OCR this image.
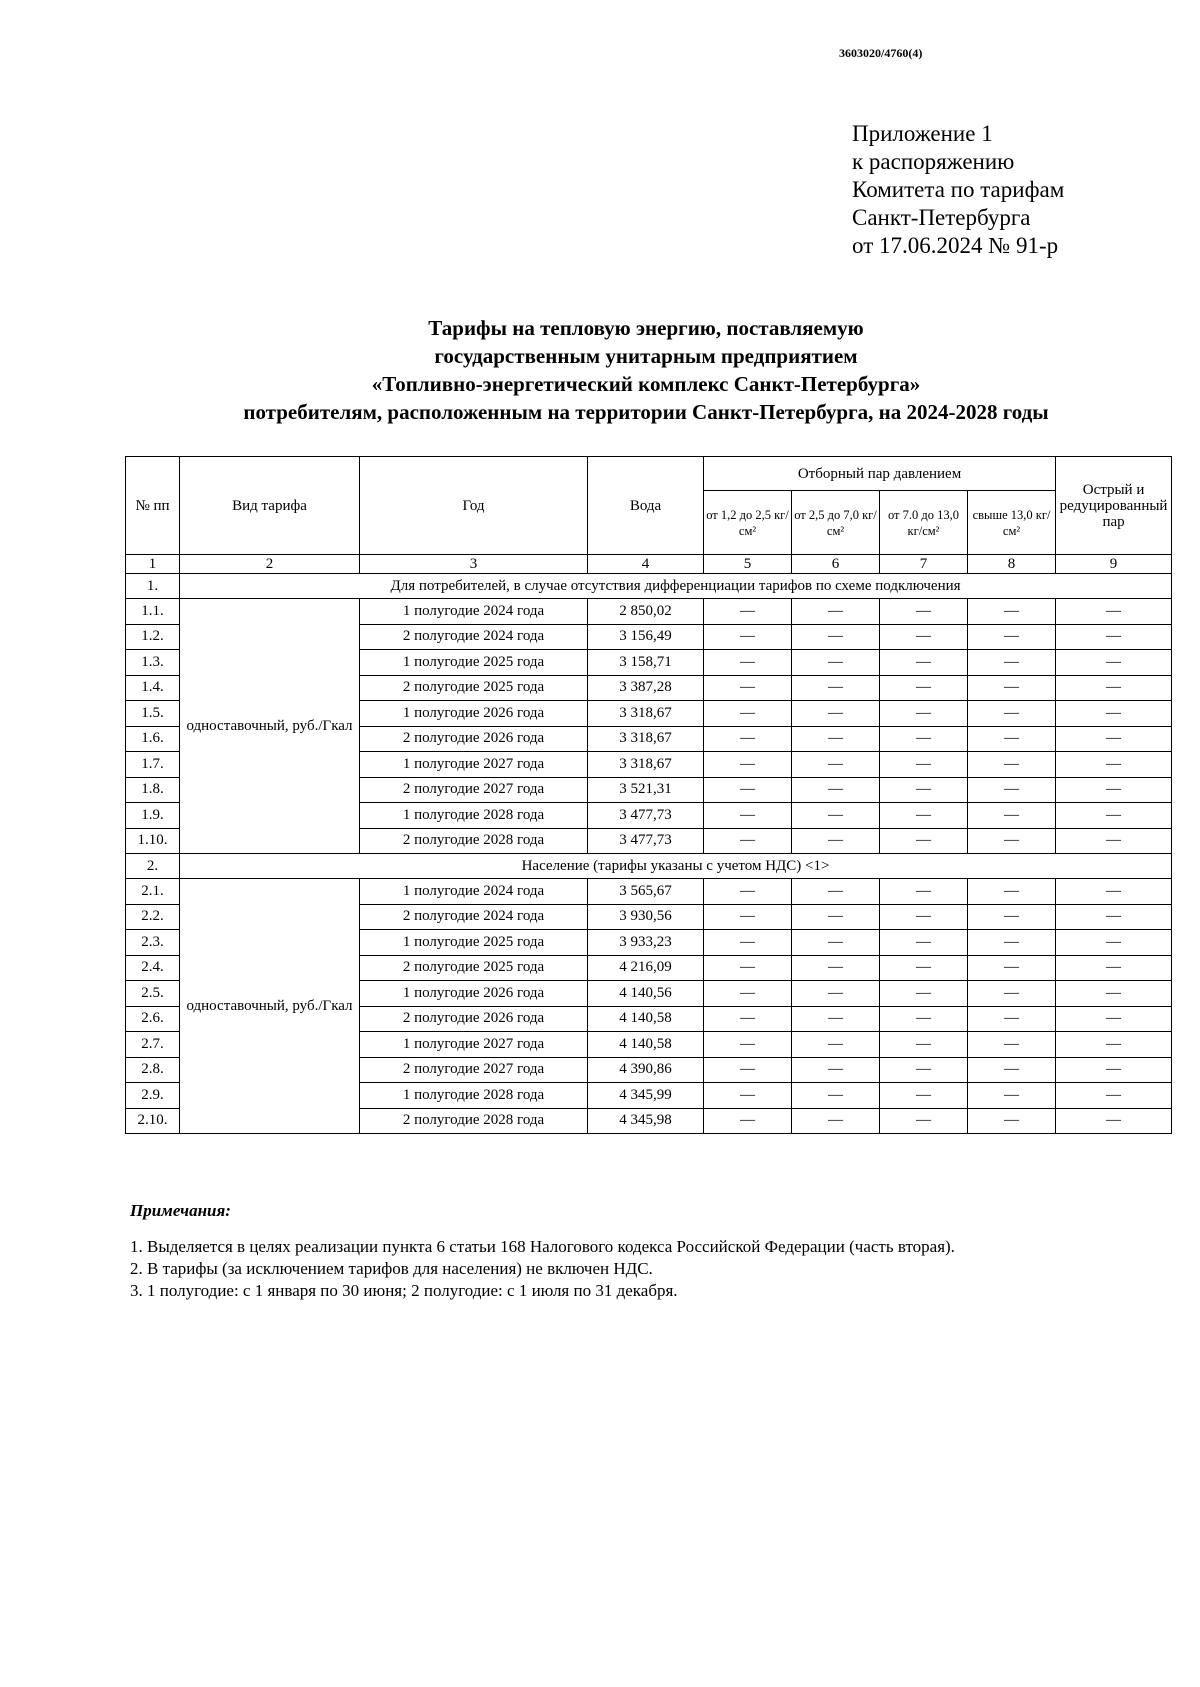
3603020/4760(4)
Приложение 1
к распоряжению
Комитета по тарифам
Санкт-Петербурга
от 17.06.2024 № 91-р
Тарифы на тепловую энергию, поставляемую
государственным унитарным предприятием
«Топливно-энергетический комплекс Санкт-Петербурга»
потребителям, расположенным на территории Санкт-Петербурга, на 2024-2028 годы
№ пп	Вид тарифа	Год	Вода	Отборный пар давлением				Острый и редуцированный пар
				от 1,2 до 2,5 кг/см²	от 2,5 до 7,0 кг/см²	от 7.0 до 13,0 кг/см²	свыше 13,0 кг/см²	
1	2	3	4	5	6	7	8	9
1.	Для потребителей, в случае отсутствия дифференциации тарифов по схеме подключения							
1.1.	одноставочный, руб./Гкал	1 полугодие 2024 года	2 850,02	—	—	—	—	—
1.2.		2 полугодие 2024 года	3 156,49	—	—	—	—	—
1.3.		1 полугодие 2025 года	3 158,71	—	—	—	—	—
1.4.		2 полугодие 2025 года	3 387,28	—	—	—	—	—
1.5.		1 полугодие 2026 года	3 318,67	—	—	—	—	—
1.6.		2 полугодие 2026 года	3 318,67	—	—	—	—	—
1.7.		1 полугодие 2027 года	3 318,67	—	—	—	—	—
1.8.		2 полугодие 2027 года	3 521,31	—	—	—	—	—
1.9.		1 полугодие 2028 года	3 477,73	—	—	—	—	—
1.10.		2 полугодие 2028 года	3 477,73	—	—	—	—	—
2.	Население (тарифы указаны с учетом НДС) <1>							
2.1.	одноставочный, руб./Гкал	1 полугодие 2024 года	3 565,67	—	—	—	—	—
2.2.		2 полугодие 2024 года	3 930,56	—	—	—	—	—
2.3.		1 полугодие 2025 года	3 933,23	—	—	—	—	—
2.4.		2 полугодие 2025 года	4 216,09	—	—	—	—	—
2.5.		1 полугодие 2026 года	4 140,56	—	—	—	—	—
2.6.		2 полугодие 2026 года	4 140,58	—	—	—	—	—
2.7.		1 полугодие 2027 года	4 140,58	—	—	—	—	—
2.8.		2 полугодие 2027 года	4 390,86	—	—	—	—	—
2.9.		1 полугодие 2028 года	4 345,99	—	—	—	—	—
2.10.		2 полугодие 2028 года	4 345,98	—	—	—	—	—
Примечания:
1. Выделяется в целях реализации пункта 6 статьи 168 Налогового кодекса Российской Федерации (часть вторая).
2. В тарифы (за исключением тарифов для населения) не включен НДС.
3. 1 полугодие: с 1 января по 30 июня; 2 полугодие: с 1 июля по 31 декабря.
